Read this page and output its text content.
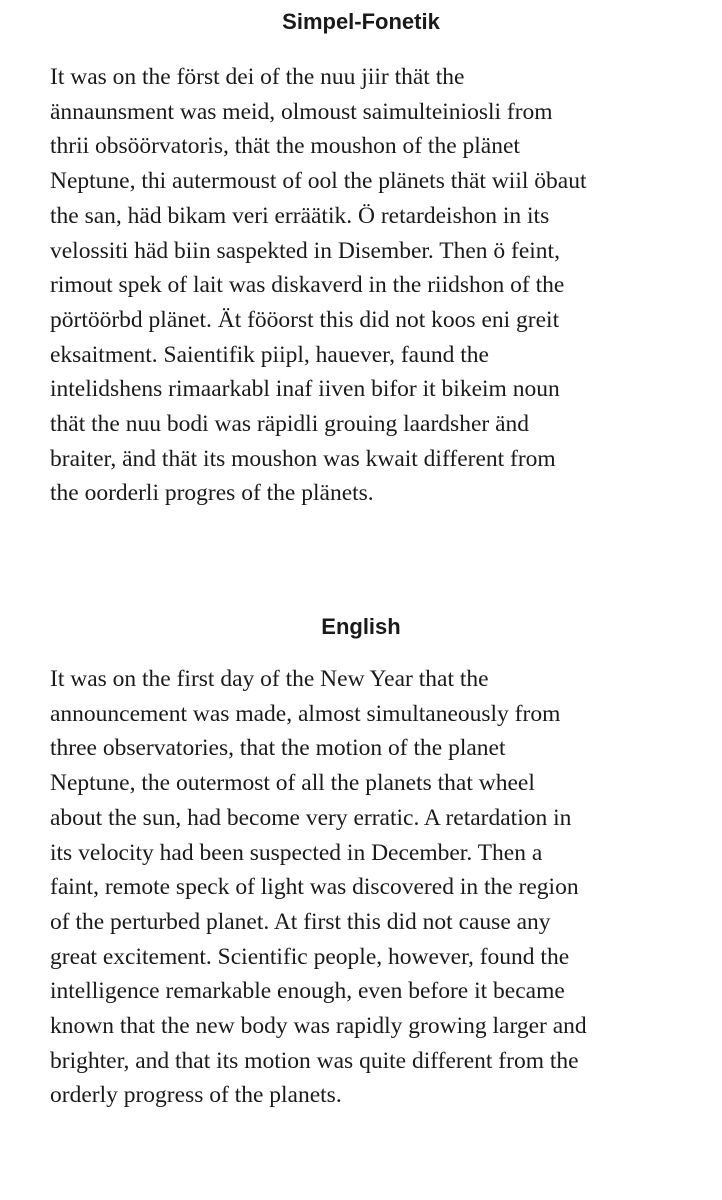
Simpel-Fonetik

It was on the först dei of the nuu jiir thät the
ännaunsment was meid, olmoust saimulteiniosli from
thrii obsöörvatoris, thät the moushon of the plänet
Neptune, thi autermoust of ool the plänets thät wiil öbaut
the san, häd bikam veri erräätik. Ö retardeishon in its
velossiti häd biin saspekted in Disember. Then ö feint,
rimout spek of lait was diskaverd in the riidshon of the
pörtöörbd plänet. Ät fööorst this did not koos eni greit
eksaitment. Saientifik piipl, hauever, faund the
intelidshens rimaarkabl inaf iiven bifor it bikeim noun
thät the nuu bodi was räpidli grouing laardsher änd
braiter, änd thät its moushon was kwait different from
the oorderli progres of the plänets.

English

It was on the first day of the New Year that the
announcement was made, almost simultaneously from
three observatories, that the motion of the planet
Neptune, the outermost of all the planets that wheel
about the sun, had become very erratic. A retardation in
its velocity had been suspected in December. Then a
faint, remote speck of light was discovered in the region
of the perturbed planet. At first this did not cause any
great excitement. Scientific people, however, found the
intelligence remarkable enough, even before it became
known that the new body was rapidly growing larger and
brighter, and that its motion was quite different from the
orderly progress of the planets.
